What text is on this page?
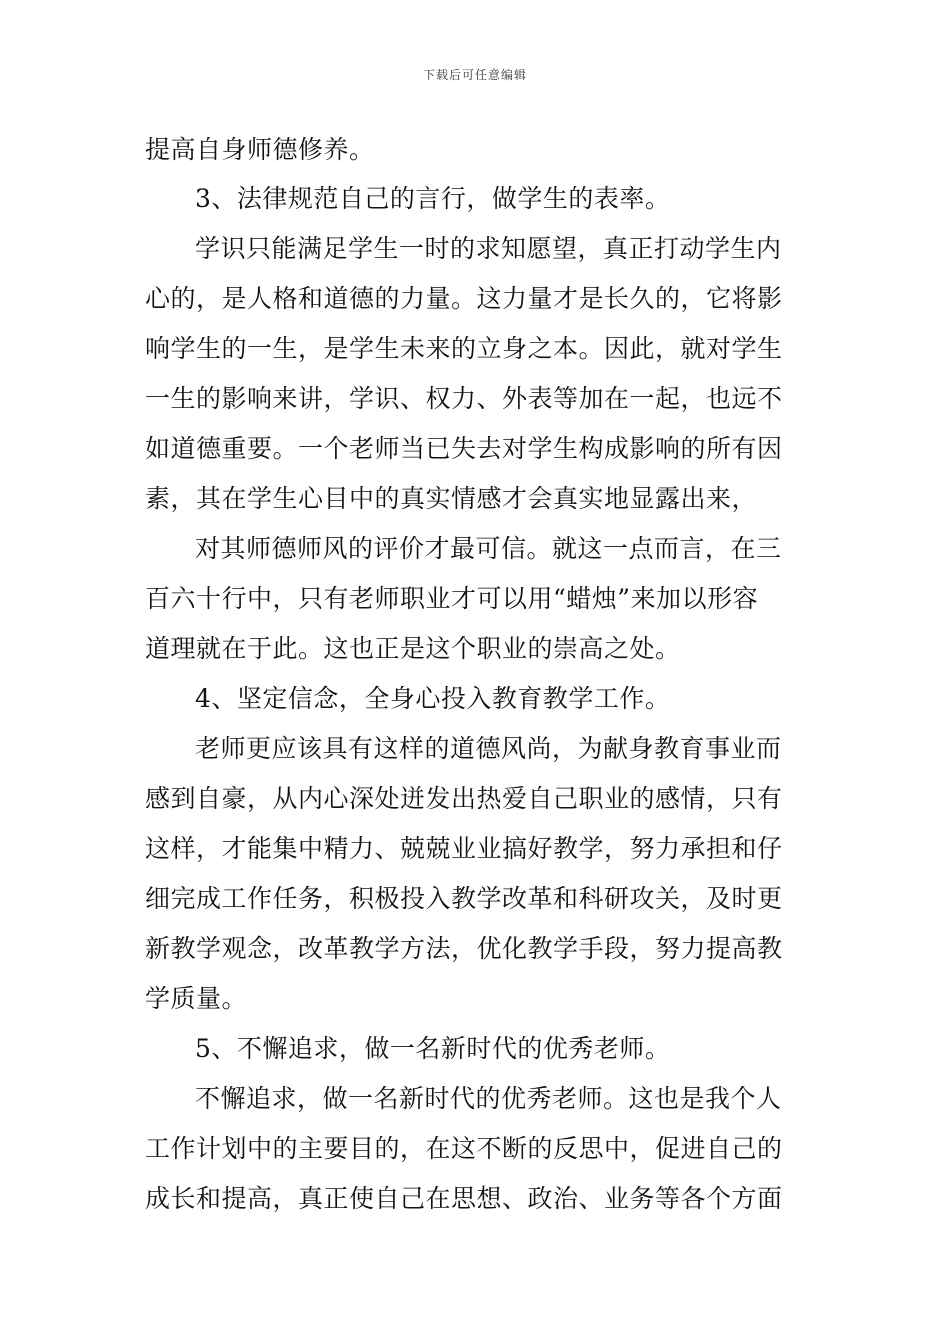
下载后可任意编辑
提高自身师德修养。
3、法律规范自己的言行，做学生的表率。
学识只能满足学生一时的求知愿望，真正打动学生内
心的，是人格和道德的力量。这力量才是长久的，它将影
响学生的一生，是学生未来的立身之本。因此，就对学生
一生的影响来讲，学识、权力、外表等加在一起，也远不
如道德重要。一个老师当已失去对学生构成影响的所有因
素，其在学生心目中的真实情感才会真实地显露出来，
对其师德师风的评价才最可信。就这一点而言，在三
百六十行中，只有老师职业才可以用“蜡烛”来加以形容
道理就在于此。这也正是这个职业的崇高之处。
4、坚定信念，全身心投入教育教学工作。
老师更应该具有这样的道德风尚，为献身教育事业而
感到自豪，从内心深处迸发出热爱自己职业的感情，只有
这样，才能集中精力、兢兢业业搞好教学，努力承担和仔
细完成工作任务，积极投入教学改革和科研攻关，及时更
新教学观念，改革教学方法，优化教学手段，努力提高教
学质量。
5、不懈追求，做一名新时代的优秀老师。
不懈追求，做一名新时代的优秀老师。这也是我个人
工作计划中的主要目的，在这不断的反思中，促进自己的
成长和提高，真正使自己在思想、政治、业务等各个方面
